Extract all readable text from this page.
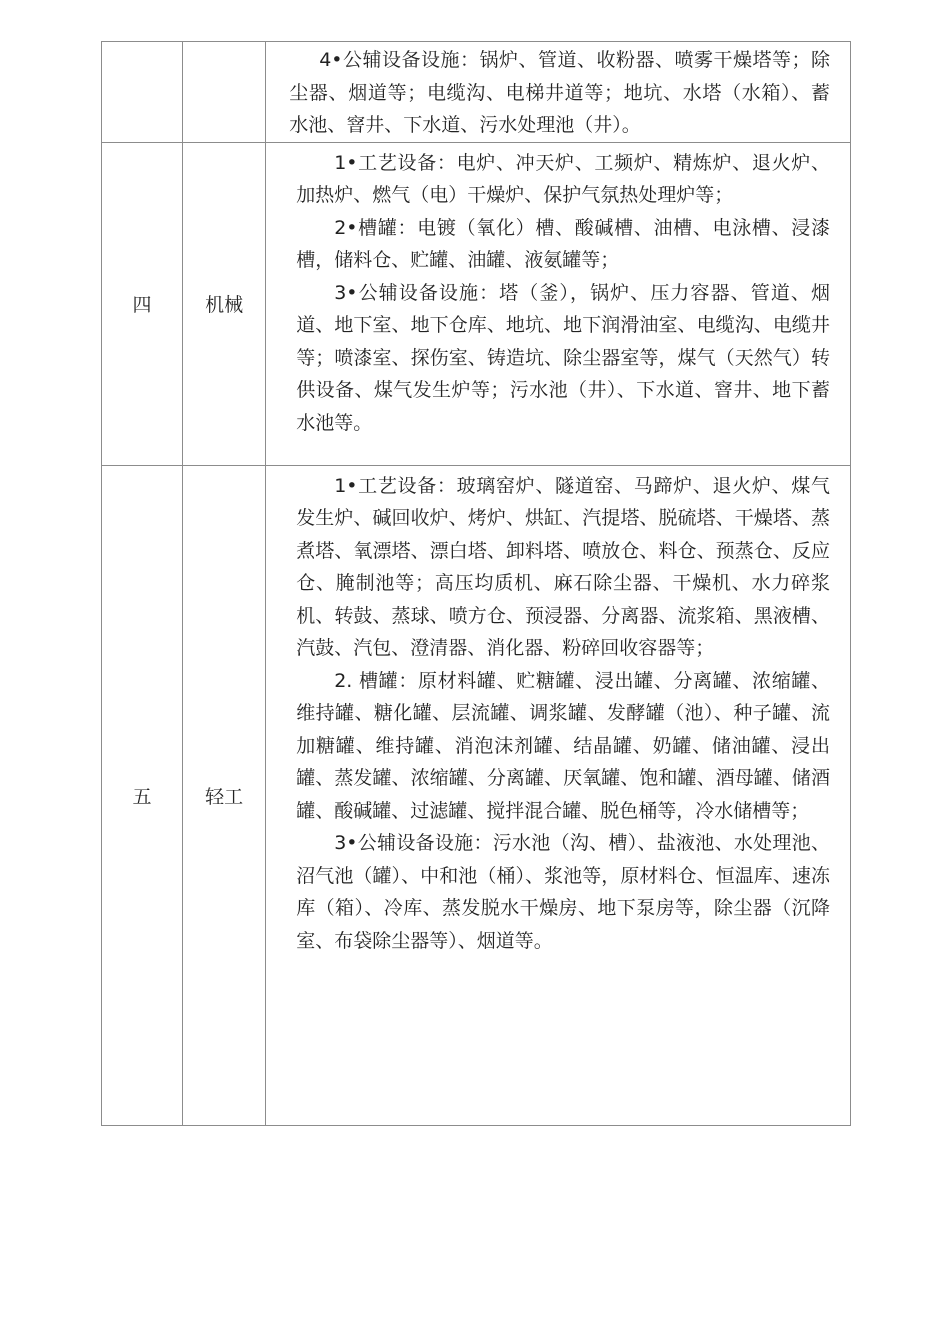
		4•公辅设备设施：锅炉、管道、收粉器、喷雾干燥塔等；除尘器、烟道等；电缆沟、电梯井道等；地坑、水塔（水箱）、蓄水池、窨井、下水道、污水处理池（井）。

四	机械	1•工艺设备：电炉、冲天炉、工频炉、精炼炉、退火炉、加热炉、燃气（电）干燥炉、保护气氛热处理炉等；

2•槽罐：电镀（氧化）槽、酸碱槽、油槽、电泳槽、浸漆槽，储料仓、贮罐、油罐、液氨罐等；

3•公辅设备设施：塔（釜），锅炉、压力容器、管道、烟道、地下室、地下仓库、地坑、地下润滑油室、电缆沟、电缆井等；喷漆室、探伤室、铸造坑、除尘器室等，煤气（天然气）转供设备、煤气发生炉等；污水池（井）、下水道、窨井、地下蓄水池等。

五	轻工	1•工艺设备：玻璃窑炉、隧道窑、马蹄炉、退火炉、煤气发生炉、碱回收炉、烤炉、烘缸、汽提塔、脱硫塔、干燥塔、蒸煮塔、氧漂塔、漂白塔、卸料塔、喷放仓、料仓、预蒸仓、反应仓、腌制池等；高压均质机、麻石除尘器、干燥机、水力碎浆机、转鼓、蒸球、喷方仓、预浸器、分离器、流浆箱、黑液槽、汽鼓、汽包、澄清器、消化器、粉碎回收容器等；

2. 槽罐：原材料罐、贮糖罐、浸出罐、分离罐、浓缩罐、维持罐、糖化罐、层流罐、调浆罐、发酵罐（池）、种子罐、流加糖罐、维持罐、消泡沫剂罐、结晶罐、奶罐、储油罐、浸出罐、蒸发罐、浓缩罐、分离罐、厌氧罐、饱和罐、酒母罐、储酒罐、酸碱罐、过滤罐、搅拌混合罐、脱色桶等，冷水储槽等；

3•公辅设备设施：污水池（沟、槽）、盐液池、水处理池、沼气池（罐）、中和池（桶）、浆池等，原材料仓、恒温库、速冻库（箱）、冷库、蒸发脱水干燥房、地下泵房等，除尘器（沉降室、布袋除尘器等）、烟道等。
